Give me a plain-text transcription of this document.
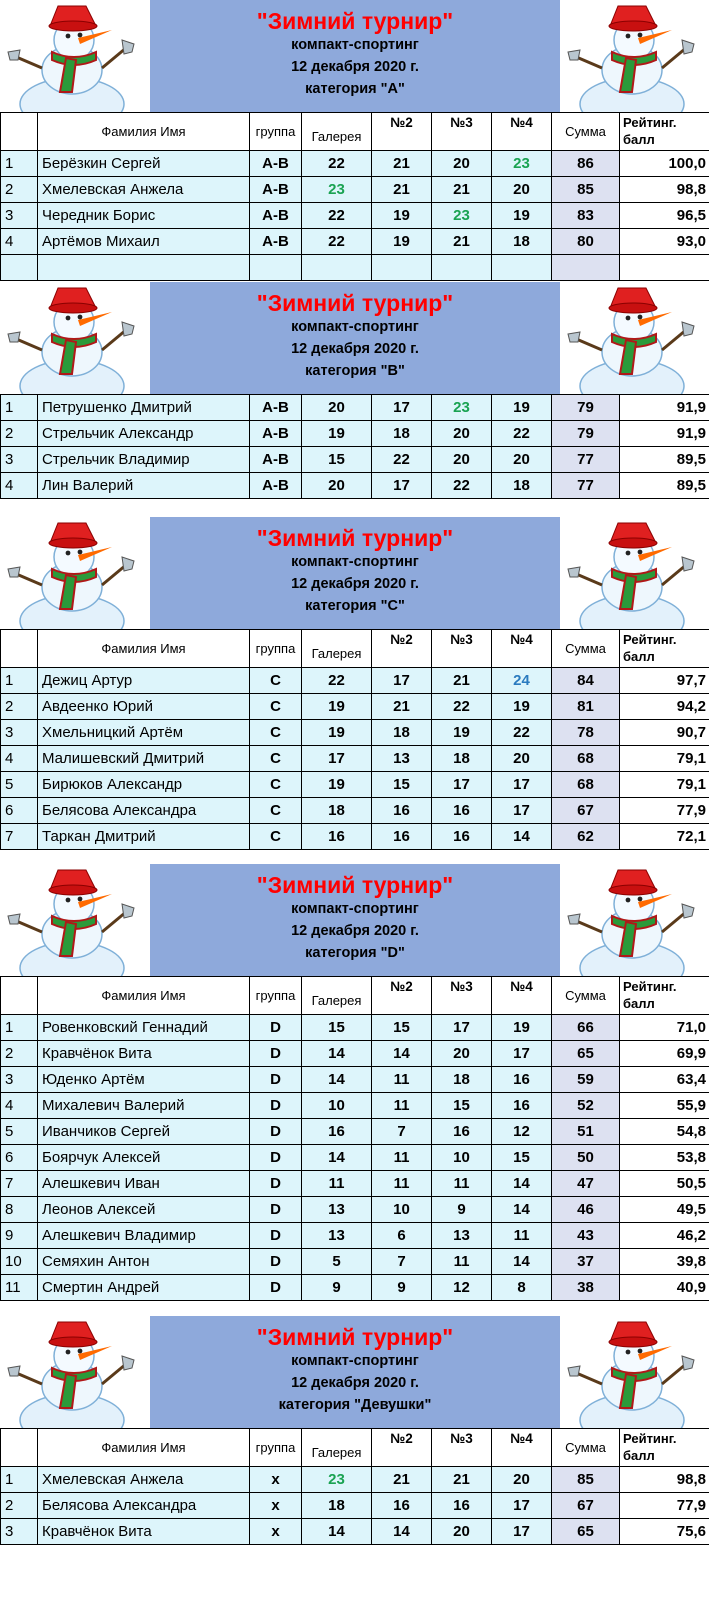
"Зимний турнир"
компакт-спортинг
12 декабря 2020 г.
категория "А"

	Фамилия Имя	группа	Галерея	№2	№3	№4	Сумма	Рейтинг. балл

1	Берёзкин Сергей	А-В	22	21	20	23	86	100,0
2	Хмелевская Анжела	А-В	23	21	21	20	85	98,8
3	Чередник Борис	А-В	22	19	23	19	83	96,5
4	Артёмов Михаил	А-В	22	19	21	18	80	93,0

"Зимний турнир"
компакт-спортинг
12 декабря 2020 г.
категория "В"
1	Петрушенко Дмитрий	А-В	20	17	23	19	79	91,9
2	Стрельчик Александр	А-В	19	18	20	22	79	91,9
3	Стрельчик Владимир	А-В	15	22	20	20	77	89,5
4	Лин Валерий	А-В	20	17	22	18	77	89,5
"Зимний турнир"
компакт-спортинг
12 декабря 2020 г.
категория "С"

	Фамилия Имя	группа	Галерея	№2	№3	№4	Сумма	Рейтинг. балл

1	Дежиц Артур	С	22	17	21	24	84	97,7
2	Авдеенко Юрий	С	19	21	22	19	81	94,2
3	Хмельницкий Артём	С	19	18	19	22	78	90,7
4	Малишевский Дмитрий	С	17	13	18	20	68	79,1
5	Бирюков Александр	С	19	15	17	17	68	79,1
6	Белясова Александра	С	18	16	16	17	67	77,9
7	Таркан Дмитрий	С	16	16	16	14	62	72,1
"Зимний турнир"
компакт-спортинг
12 декабря 2020 г.
категория "D"

	Фамилия Имя	группа	Галерея	№2	№3	№4	Сумма	Рейтинг. балл

1	Ровенковский Геннадий	D	15	15	17	19	66	71,0
2	Кравчёнок Вита	D	14	14	20	17	65	69,9
3	Юденко Артём	D	14	11	18	16	59	63,4
4	Михалевич Валерий	D	10	11	15	16	52	55,9
5	Иванчиков Сергей	D	16	7	16	12	51	54,8
6	Боярчук Алексей	D	14	11	10	15	50	53,8
7	Алешкевич Иван	D	11	11	11	14	47	50,5
8	Леонов Алексей	D	13	10	9	14	46	49,5
9	Алешкевич Владимир	D	13	6	13	11	43	46,2
10	Семяхин Антон	D	5	7	11	14	37	39,8
11	Смертин Андрей	D	9	9	12	8	38	40,9
"Зимний турнир"
компакт-спортинг
12 декабря 2020 г.
категория "Девушки"

	Фамилия Имя	группа	Галерея	№2	№3	№4	Сумма	Рейтинг. балл

1	Хмелевская Анжела	х	23	21	21	20	85	98,8
2	Белясова Александра	х	18	16	16	17	67	77,9
3	Кравчёнок Вита	х	14	14	20	17	65	75,6
